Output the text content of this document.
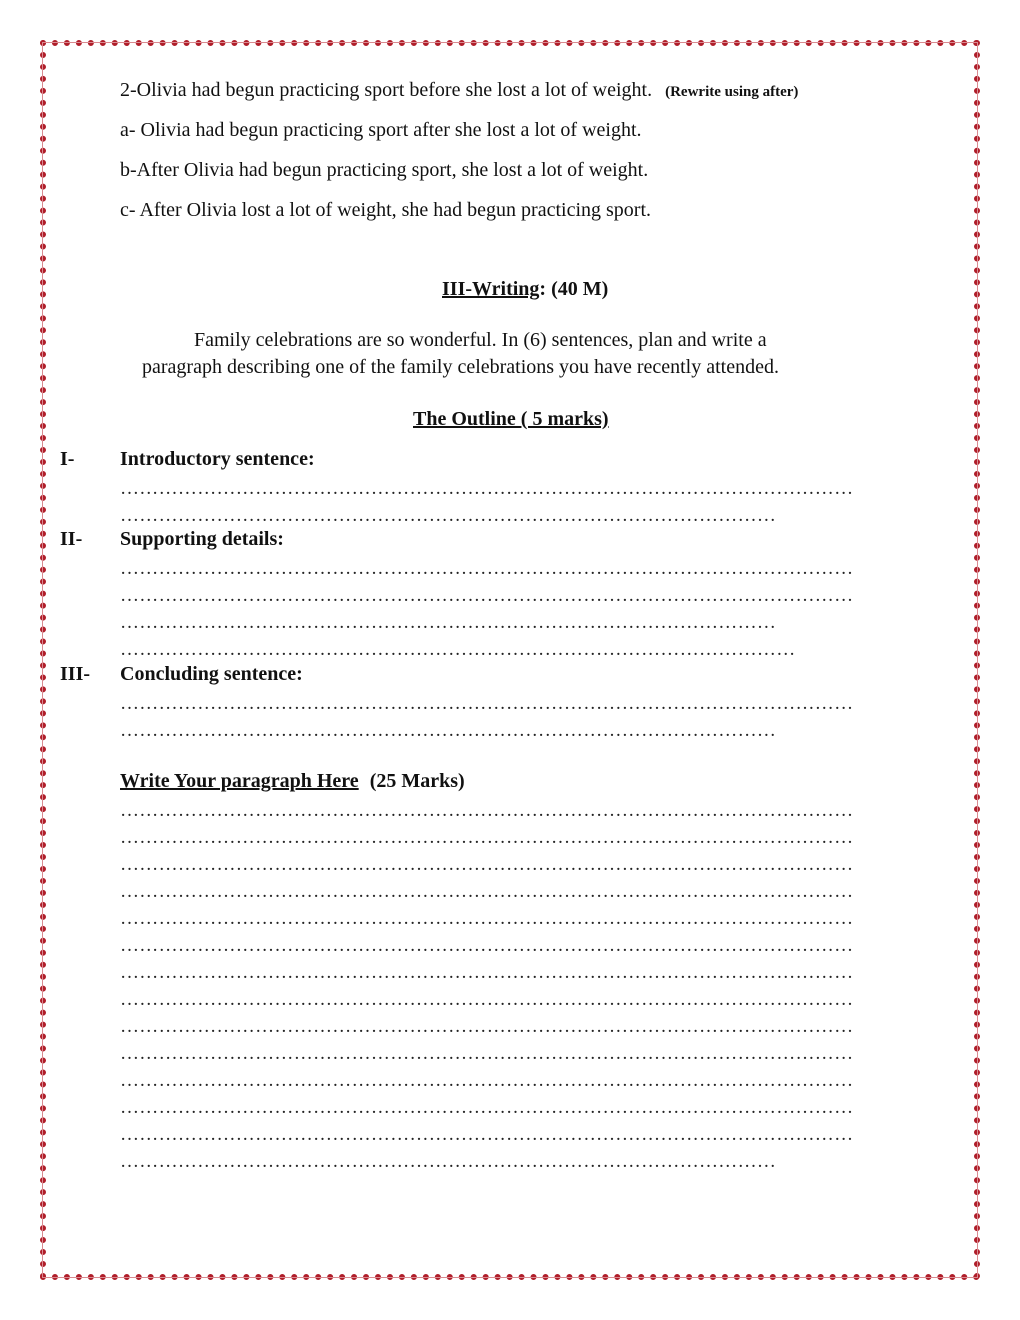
2-Olivia had begun practicing sport before she lost a lot of weight. (Rewrite using after)
a- Olivia had begun practicing sport after she lost a lot of weight.
b-After Olivia had begun practicing sport, she lost a lot of weight.
c- After Olivia lost a lot of weight, she had begun practicing sport.
III-Writing: (40 M)
Family celebrations are so wonderful. In (6) sentences, plan and write a
paragraph describing one of the family celebrations you have recently attended.
The Outline ( 5 marks)
I- Introductory sentence:
……………………………………………………………………………………………………
…………………………………………………………………………………………
II- Supporting details:
……………………………………………………………………………………………………
……………………………………………………………………………………………………
…………………………………………………………………………………………
……………………………………………………………………………………………
III- Concluding sentence:
……………………………………………………………………………………………………
…………………………………………………………………………………………
Write Your paragraph Here (25 Marks)
……………………………………………………………………………………………………
……………………………………………………………………………………………………
……………………………………………………………………………………………………
……………………………………………………………………………………………………
……………………………………………………………………………………………………
……………………………………………………………………………………………………
……………………………………………………………………………………………………
……………………………………………………………………………………………………
……………………………………………………………………………………………………
……………………………………………………………………………………………………
……………………………………………………………………………………………………
……………………………………………………………………………………………………
……………………………………………………………………………………………………
…………………………………………………………………………………………
